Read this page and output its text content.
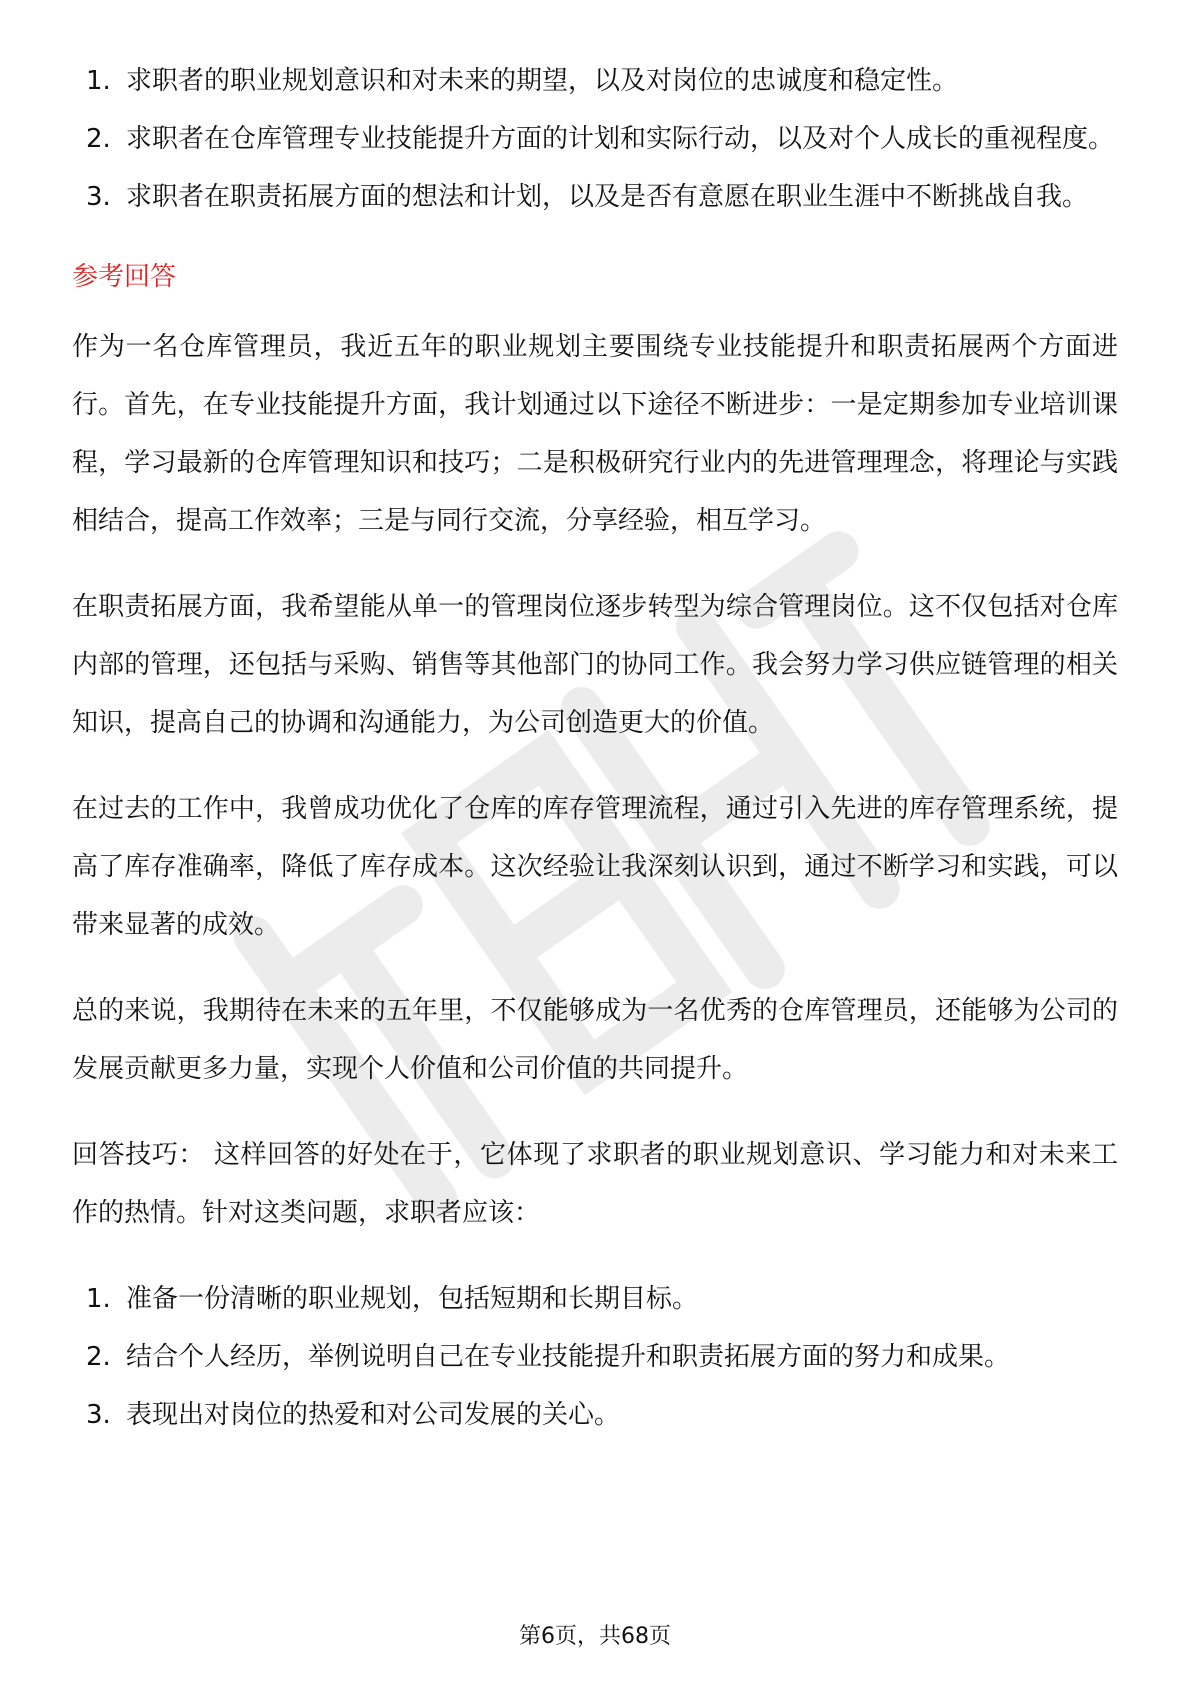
1. 求职者的职业规划意识和对未来的期望，以及对岗位的忠诚度和稳定性。
2. 求职者在仓库管理专业技能提升方面的计划和实际行动，以及对个人成长的重视程度。
3. 求职者在职责拓展方面的想法和计划，以及是否有意愿在职业生涯中不断挑战自我。
参考回答

作为一名仓库管理员，我近五年的职业规划主要围绕专业技能提升和职责拓展两个方面进行。首先，在专业技能提升方面，我计划通过以下途径不断进步：一是定期参加专业培训课程，学习最新的仓库管理知识和技巧；二是积极研究行业内的先进管理理念，将理论与实践相结合，提高工作效率；三是与同行交流，分享经验，相互学习。

在职责拓展方面，我希望能从单一的管理岗位逐步转型为综合管理岗位。这不仅包括对仓库内部的管理，还包括与采购、销售等其他部门的协同工作。我会努力学习供应链管理的相关知识，提高自己的协调和沟通能力，为公司创造更大的价值。

在过去的工作中，我曾成功优化了仓库的库存管理流程，通过引入先进的库存管理系统，提高了库存准确率，降低了库存成本。这次经验让我深刻认识到，通过不断学习和实践，可以带来显著的成效。

总的来说，我期待在未来的五年里，不仅能够成为一名优秀的仓库管理员，还能够为公司的发展贡献更多力量，实现个人价值和公司价值的共同提升。

回答技巧： 这样回答的好处在于，它体现了求职者的职业规划意识、学习能力和对未来工作的热情。针对这类问题，求职者应该：

1. 准备一份清晰的职业规划，包括短期和长期目标。
2. 结合个人经历，举例说明自己在专业技能提升和职责拓展方面的努力和成果。
3. 表现出对岗位的热爱和对公司发展的关心。
第6页，共68页
